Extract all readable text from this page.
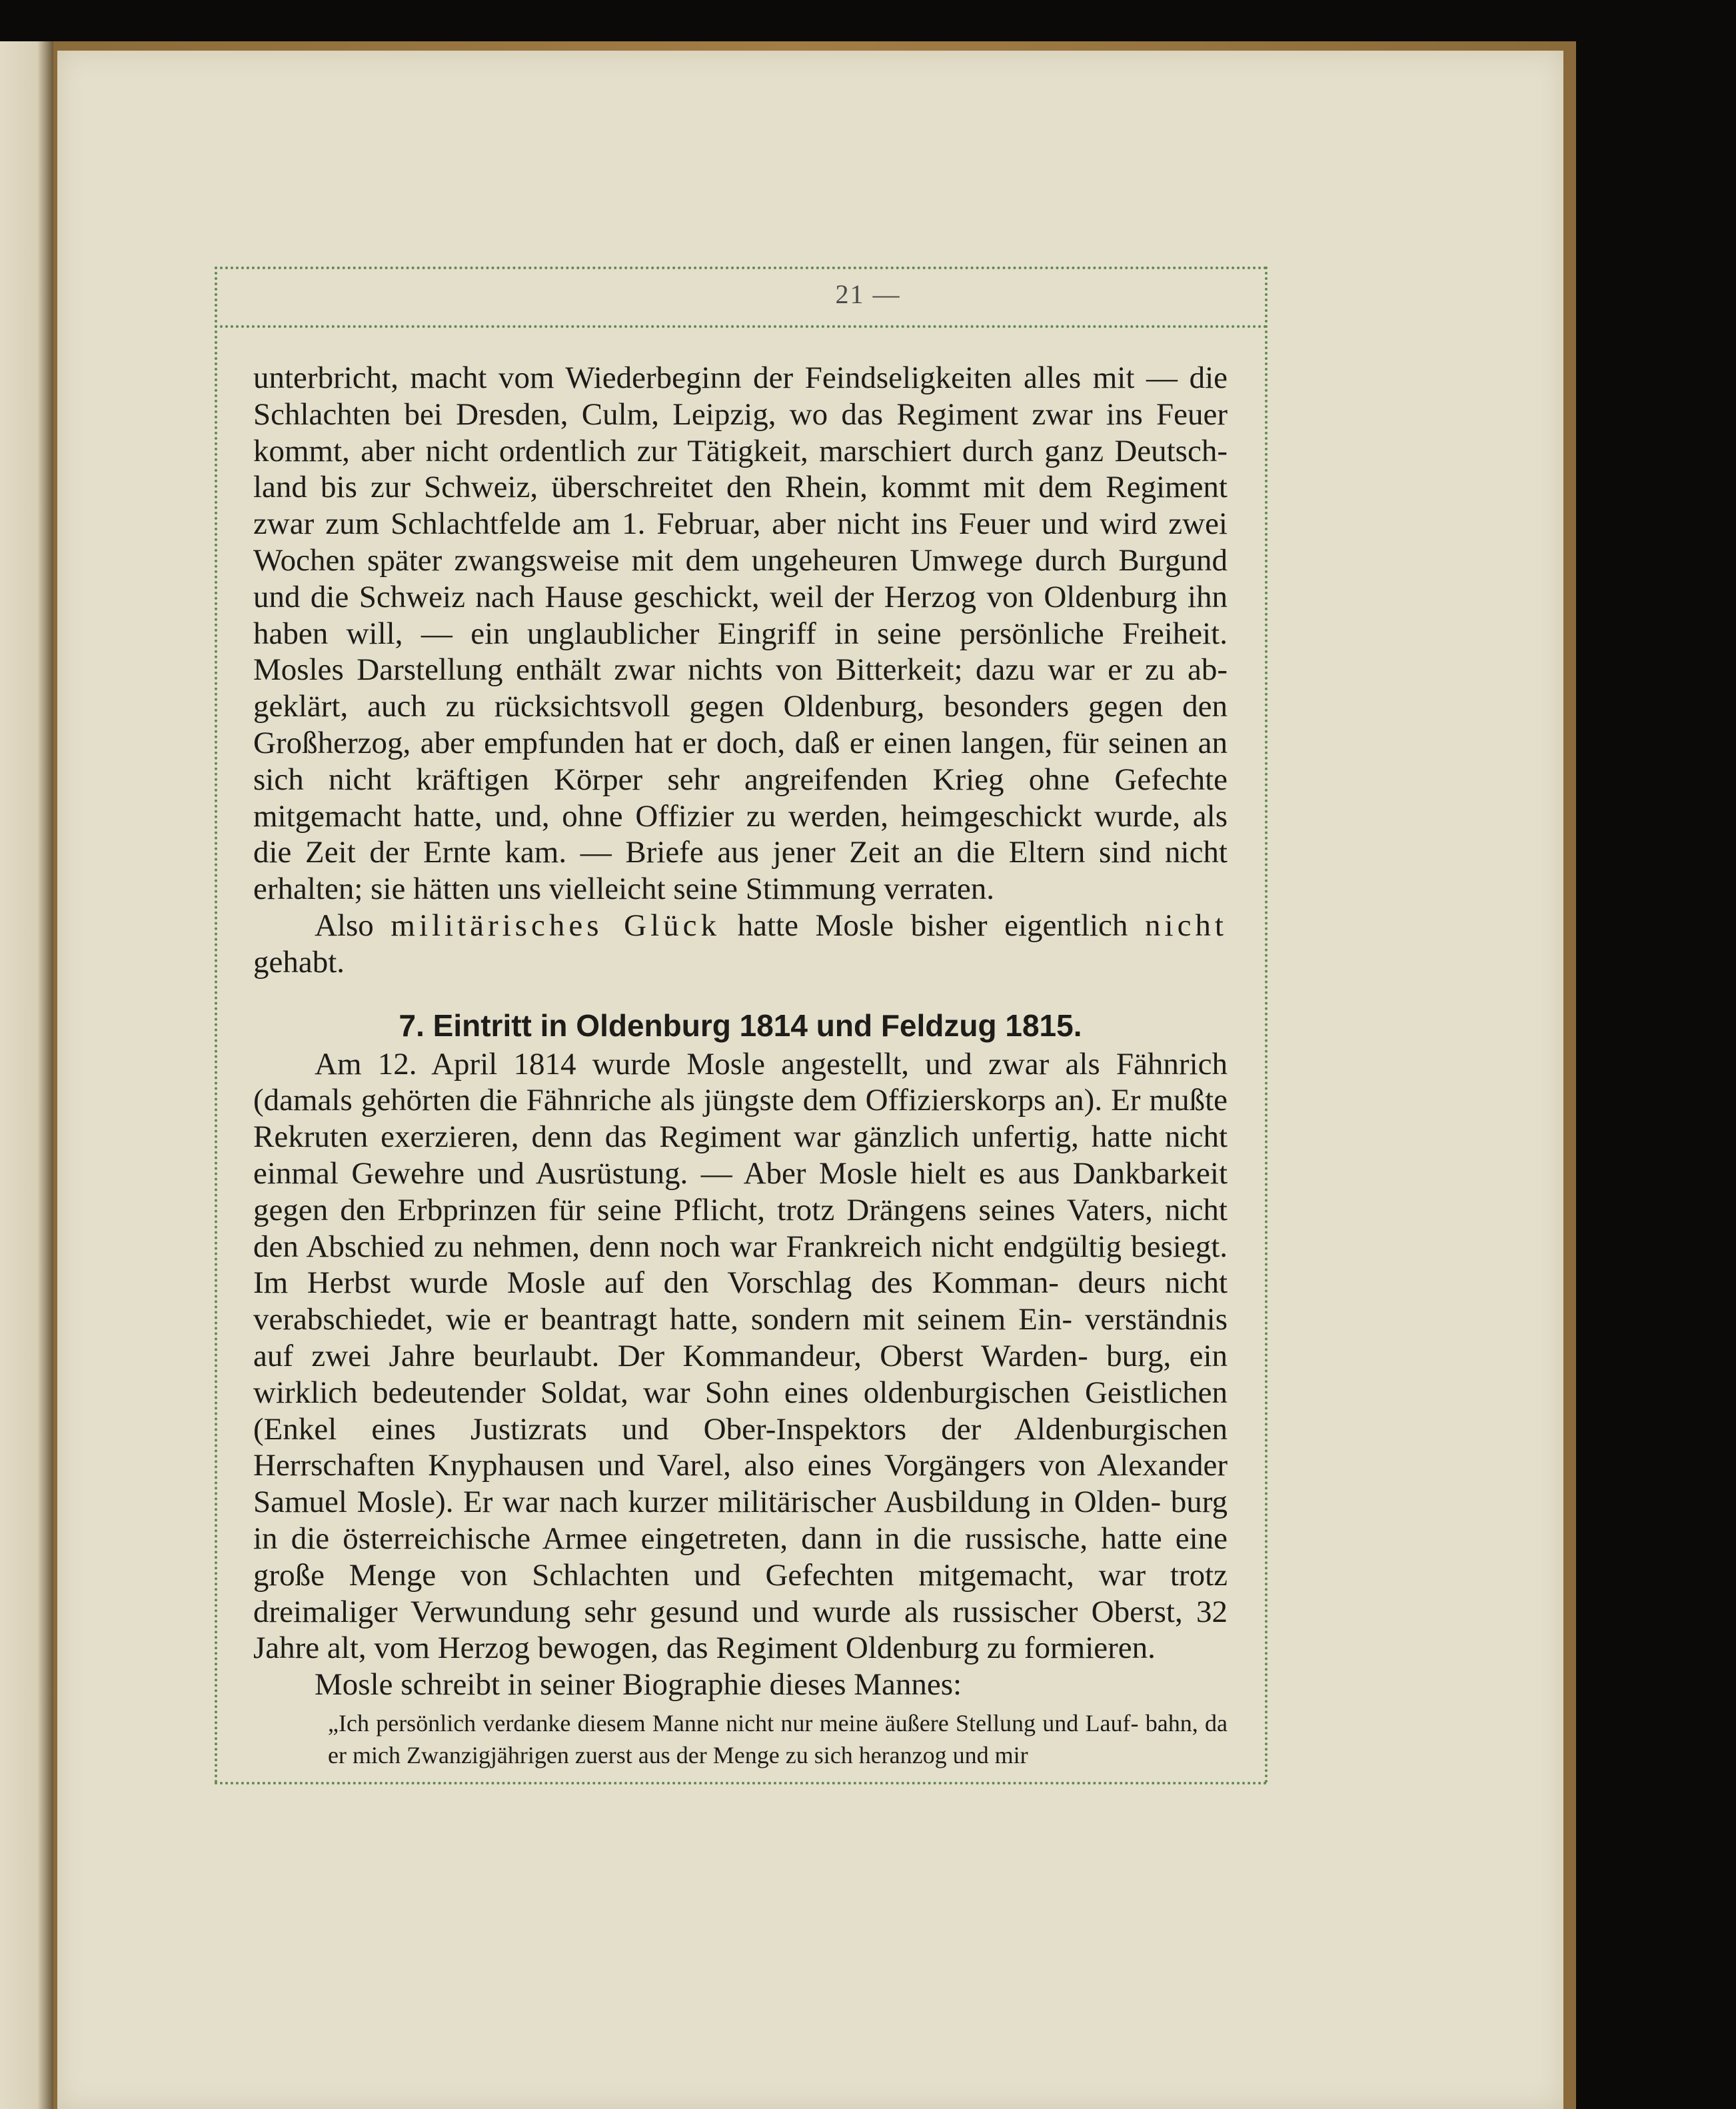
21 —

unterbricht, macht vom Wiederbeginn der Feindseligkeiten alles mit — die Schlachten bei Dresden, Culm, Leipzig, wo das Regiment zwar ins Feuer kommt, aber nicht ordentlich zur Tätigkeit, marschiert durch ganz Deutsch- land bis zur Schweiz, überschreitet den Rhein, kommt mit dem Regiment zwar zum Schlachtfelde am 1. Februar, aber nicht ins Feuer und wird zwei Wochen später zwangsweise mit dem ungeheuren Umwege durch Burgund und die Schweiz nach Hause geschickt, weil der Herzog von Oldenburg ihn haben will, — ein unglaublicher Eingriff in seine persönliche Freiheit. Mosles Darstellung enthält zwar nichts von Bitterkeit; dazu war er zu ab- geklärt, auch zu rücksichtsvoll gegen Oldenburg, besonders gegen den Großherzog, aber empfunden hat er doch, daß er einen langen, für seinen an sich nicht kräftigen Körper sehr angreifenden Krieg ohne Gefechte mitgemacht hatte, und, ohne Offizier zu werden, heimgeschickt wurde, als die Zeit der Ernte kam. — Briefe aus jener Zeit an die Eltern sind nicht erhalten; sie hätten uns vielleicht seine Stimmung verraten.

Also militärisches Glück hatte Mosle bisher eigentlich nicht gehabt.

7. Eintritt in Oldenburg 1814 und Feldzug 1815.

Am 12. April 1814 wurde Mosle angestellt, und zwar als Fähnrich (damals gehörten die Fähnriche als jüngste dem Offizierskorps an). Er mußte Rekruten exerzieren, denn das Regiment war gänzlich unfertig, hatte nicht einmal Gewehre und Ausrüstung. — Aber Mosle hielt es aus Dankbarkeit gegen den Erbprinzen für seine Pflicht, trotz Drängens seines Vaters, nicht den Abschied zu nehmen, denn noch war Frankreich nicht endgültig besiegt. Im Herbst wurde Mosle auf den Vorschlag des Komman- deurs nicht verabschiedet, wie er beantragt hatte, sondern mit seinem Ein- verständnis auf zwei Jahre beurlaubt. Der Kommandeur, Oberst Warden- burg, ein wirklich bedeutender Soldat, war Sohn eines oldenburgischen Geistlichen (Enkel eines Justizrats und Ober-Inspektors der Aldenburgischen Herrschaften Knyphausen und Varel, also eines Vorgängers von Alexander Samuel Mosle). Er war nach kurzer militärischer Ausbildung in Olden- burg in die österreichische Armee eingetreten, dann in die russische, hatte eine große Menge von Schlachten und Gefechten mitgemacht, war trotz dreimaliger Verwundung sehr gesund und wurde als russischer Oberst, 32 Jahre alt, vom Herzog bewogen, das Regiment Oldenburg zu formieren.

Mosle schreibt in seiner Biographie dieses Mannes:

„Ich persönlich verdanke diesem Manne nicht nur meine äußere Stellung und Lauf- bahn, da er mich Zwanzigjährigen zuerst aus der Menge zu sich heranzog und mir
